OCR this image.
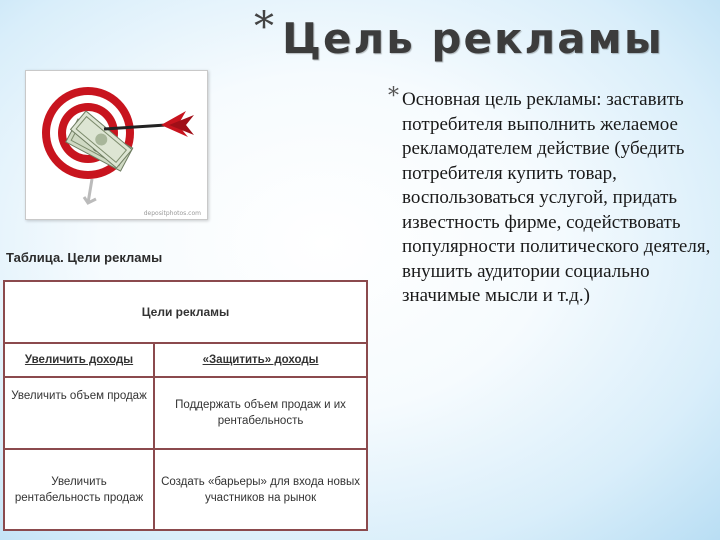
* Цель рекламы
depositphotos.com
* Основная цель рекламы: заставить потребителя выполнить желаемое рекламодателем действие (убедить потребителя купить товар, воспользоваться услугой, придать известность фирме, содействовать популярности политического деятеля, внушить аудитории социально значимые мысли и т.д.)

Таблица. Цели рекламы

Цели рекламы	
Увеличить доходы	«Защитить» доходы
Увеличить объем продаж	Поддержать объем продаж и их рентабельность
Увеличить рентабельность продаж	Создать «барьеры» для входа новых участников на рынок
